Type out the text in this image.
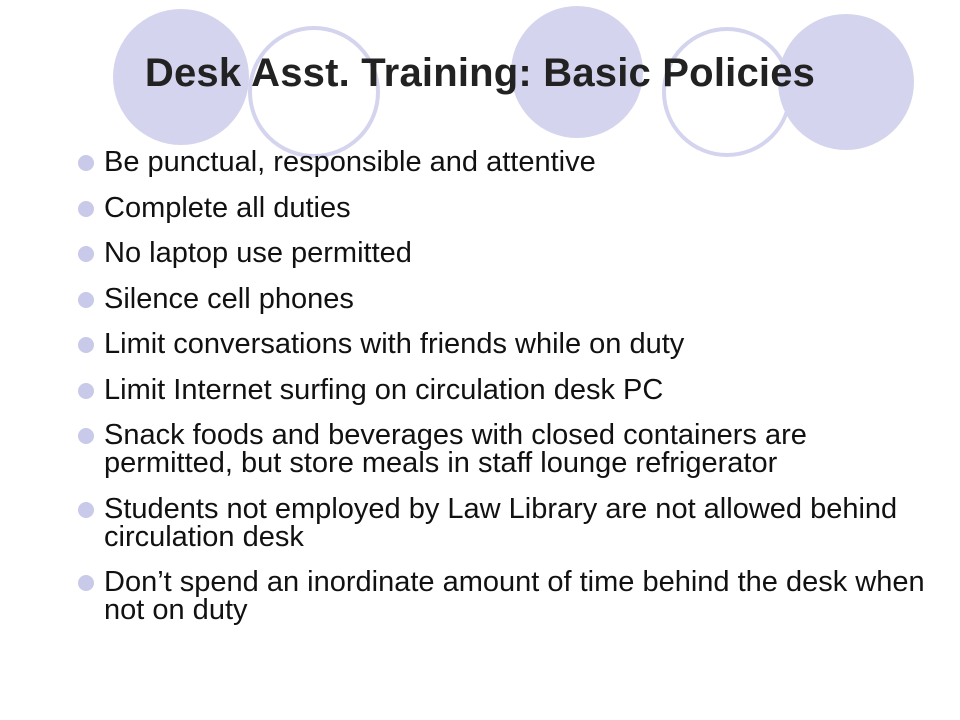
Desk Asst. Training: Basic Policies
Be punctual, responsible and attentive
Complete all duties
No laptop use permitted
Silence cell phones
Limit conversations with friends while on duty
Limit Internet surfing on circulation desk PC
Snack foods and beverages with closed containers are permitted, but store meals in staff lounge refrigerator
Students not employed by Law Library are not allowed behind circulation desk
Don’t spend an inordinate amount of time behind the desk when not on duty
